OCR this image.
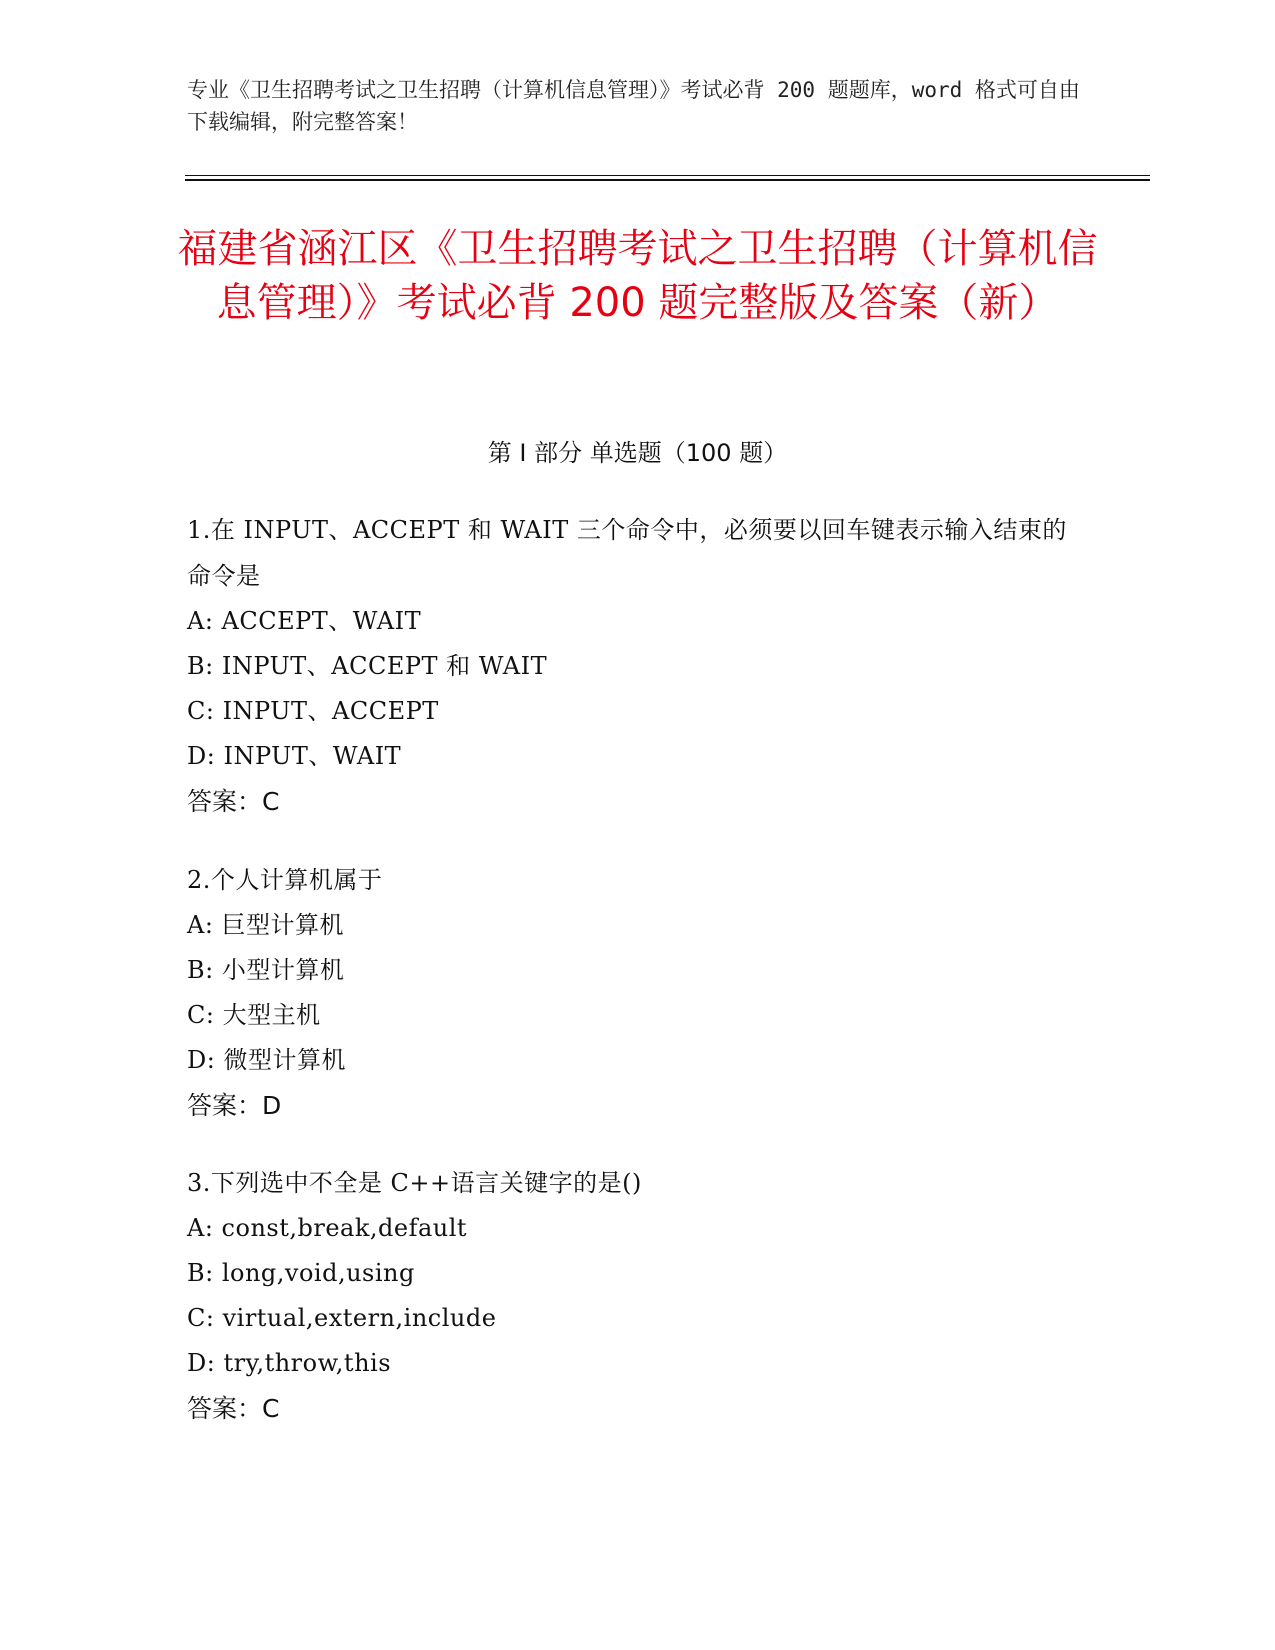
专业《卫生招聘考试之卫生招聘（计算机信息管理）》考试必背 200 题题库，word 格式可自由下载编辑，附完整答案！
福建省涵江区《卫生招聘考试之卫生招聘（计算机信息管理）》考试必背 200 题完整版及答案（新）
第 I 部分 单选题（100 题）

1.在 INPUT、ACCEPT 和 WAIT 三个命令中，必须要以回车键表示输入结束的命令是

A: ACCEPT、WAIT

B: INPUT、ACCEPT 和 WAIT

C: INPUT、ACCEPT

D: INPUT、WAIT

答案：C

2.个人计算机属于

A: 巨型计算机

B: 小型计算机

C: 大型主机

D: 微型计算机

答案：D

3.下列选中不全是 C++语言关键字的是()

A: const,break,default

B: long,void,using

C: virtual,extern,include

D: try,throw,this

答案：C
